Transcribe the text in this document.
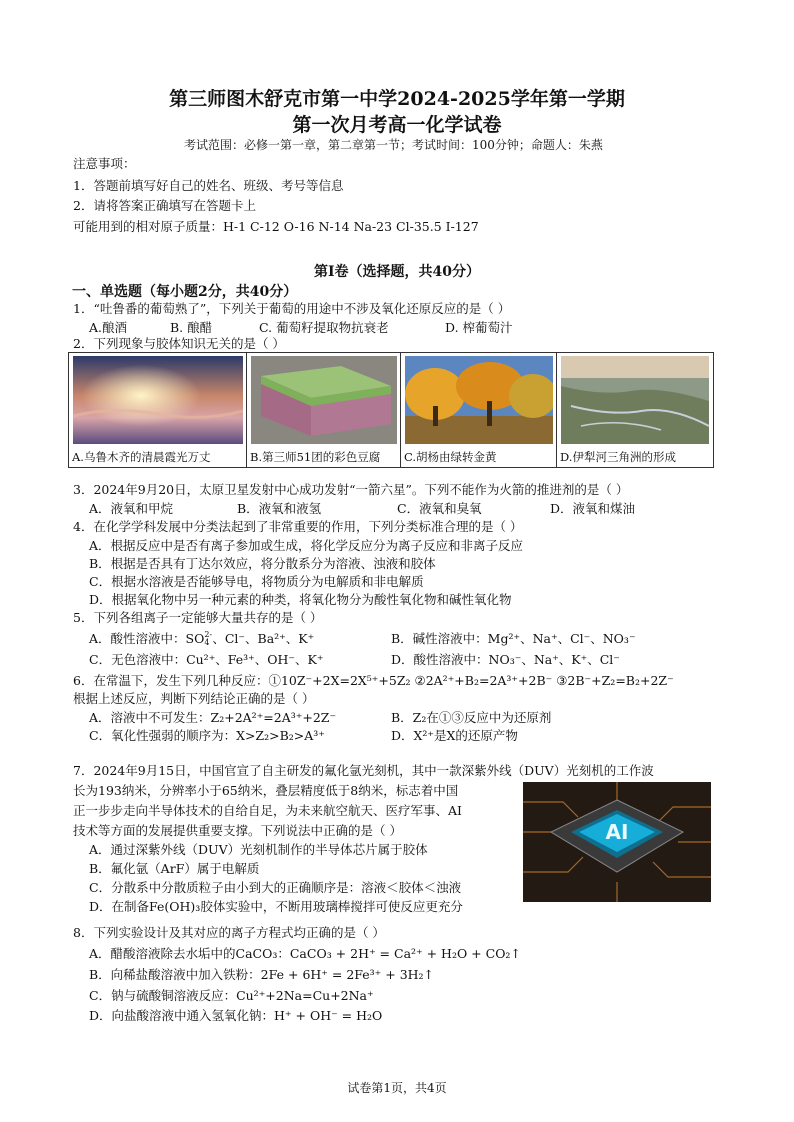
第三师图木舒克市第一中学2024-2025学年第一学期
第一次月考高一化学试卷
考试范围：必修一第一章，第二章第一节；考试时间：100分钟；命题人：朱燕
注意事项：
1．答题前填写好自己的姓名、班级、考号等信息
2．请将答案正确填写在答题卡上
可能用到的相对原子质量：H-1 C-12 O-16 N-14 Na-23 Cl-35.5 I-127
第Ⅰ卷（选择题，共40分）
一、单选题（每小题2分，共40分）
1．“吐鲁番的葡萄熟了”，下列关于葡萄的用途中不涉及氧化还原反应的是（ ）
A.酿酒	B. 酿醋	C. 葡萄籽提取物抗衰老	D. 榨葡萄汁
2．下列现象与胶体知识无关的是（ ）
A.乌鲁木齐的清晨霞光万丈	B.第三师51团的彩色豆腐 C.胡杨由绿转金黄	D.伊犁河三角洲的形成
3．2024年9月20日，太原卫星发射中心成功发射“一箭六星”。下列不能作为火箭的推进剂的是（ ）
A．液氧和甲烷	B．液氧和液氢	C．液氧和臭氧	D．液氧和煤油
4．在化学学科发展中分类法起到了非常重要的作用，下列分类标准合理的是（ ）
A．根据反应中是否有离子参加或生成，将化学反应分为离子反应和非离子反应
B．根据是否具有丁达尔效应，将分散系分为溶液、浊液和胶体
C．根据水溶液是否能够导电，将物质分为电解质和非电解质
D．根据氧化物中另一种元素的种类，将氧化物分为酸性氧化物和碱性氧化物
5．下列各组离子一定能够大量共存的是（ ）
A．酸性溶液中：SO 2-
4 、Cl⁻、Ba²⁺、K⁺	B．碱性溶液中：Mg²⁺、Na⁺、Cl⁻、NO₃⁻
C．无色溶液中：Cu²⁺、Fe³⁺、OH⁻、K⁺	D．酸性溶液中：NO₃⁻、Na⁺、K⁺、Cl⁻
6．在常温下，发生下列几种反应：①10Z⁻+2X=2X⁵⁺+5Z₂ ②2A²⁺+B₂=2A³⁺+2B⁻ ③2B⁻+Z₂=B₂+2Z⁻
根据上述反应，判断下列结论正确的是（ ）
A．溶液中不可发生：Z₂+2A²⁺=2A³⁺+2Z⁻	B．Z₂在①③反应中为还原剂
C．氧化性强弱的顺序为：X>Z₂>B₂>A³⁺	D．X²⁺是X的还原产物
7．2024年9月15日，中国官宣了自主研发的氟化氩光刻机，其中一款深紫外线（DUV）光刻机的工作波
长为193纳米，分辨率小于65纳米，叠层精度低于8纳米，标志着中国
正一步步走向半导体技术的自给自足，为未来航空航天、医疗军事、AI
技术等方面的发展提供重要支撑。下列说法中正确的是（ ）
A．通过深紫外线（DUV）光刻机制作的半导体芯片属于胶体
B．氟化氩（ArF）属于电解质
C．分散系中分散质粒子由小到大的正确顺序是：溶液＜胶体＜浊液
D．在制备Fe(OH)₃胶体实验中，不断用玻璃棒搅拌可使反应更充分
AI
8．下列实验设计及其对应的离子方程式均正确的是（ ）
A．醋酸溶液除去水垢中的CaCO₃：CaCO₃ + 2H⁺ = Ca²⁺ + H₂O + CO₂↑
B．向稀盐酸溶液中加入铁粉：2Fe + 6H⁺ = 2Fe³⁺ + 3H₂↑
C．钠与硫酸铜溶液反应：Cu²⁺+2Na=Cu+2Na⁺
D．向盐酸溶液中通入氢氧化钠：H⁺ + OH⁻ = H₂O
试卷第1页，共4页
